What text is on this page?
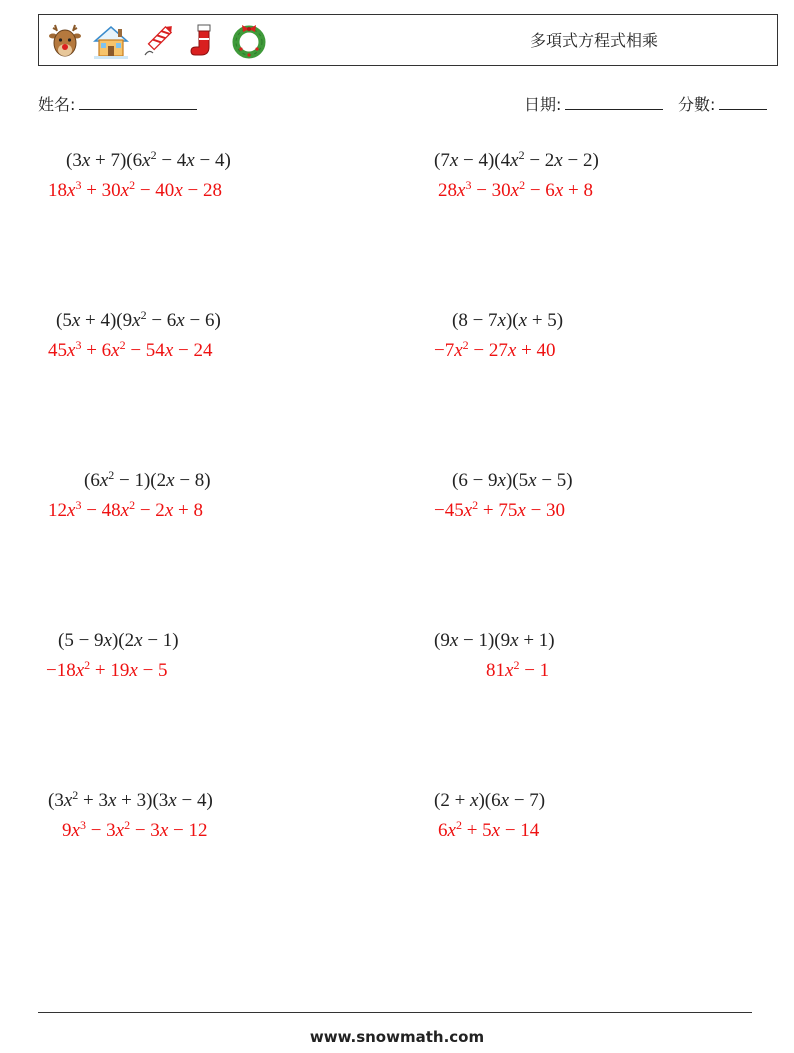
多項式方程式相乘
姓名:	日期:	分數:
$(3x + 7)(6x^2 - 4x - 4)$
$18x^3 + 30x^2 - 40x - 28$
$(7x - 4)(4x^2 - 2x - 2)$
$28x^3 - 30x^2 - 6x + 8$
$(5x + 4)(9x^2 - 6x - 6)$
$45x^3 + 6x^2 - 54x - 24$
(8 − 7x)(x + 5)
$-7x^2 - 27x + 40$
$(6x^2 - 1)(2x - 8)$
$12x^3 - 48x^2 - 2x + 8$
(6 − 9x)(5x − 5)
$-45x^2 + 75x - 30$
(5 − 9x)(2x − 1)
$-18x^2 + 19x - 5$
(9x − 1)(9x + 1)
$81x^2 - 1$
$(3x^2 + 3x + 3)(3x - 4)$
$9x^3 - 3x^2 - 3x - 12$
(2 + x)(6x − 7)
$6x^2 + 5x - 14$
www.snowmath.com
